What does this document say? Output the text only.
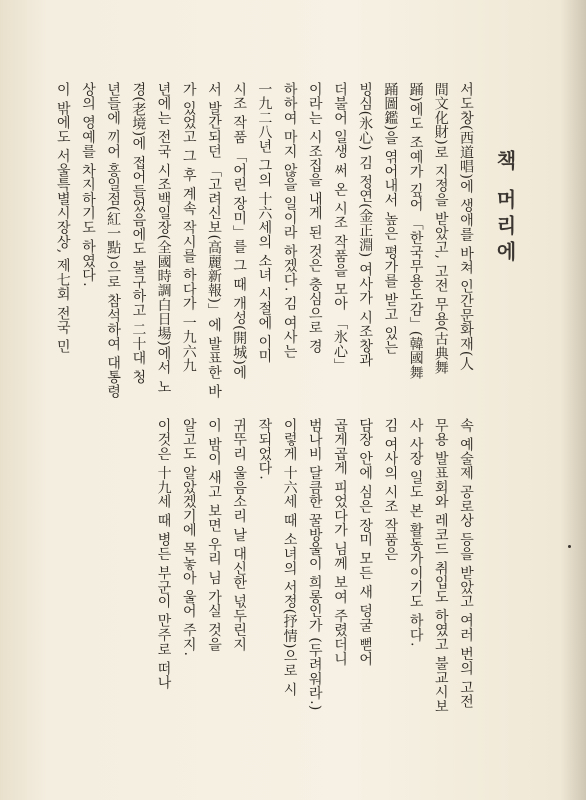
책 머리에
서도창(西道唱)에 생애를 바쳐 인간문화재(人
間文化財)로 지정을 받았고, 고전 무용(古典舞
踊)에도 조예가 깊어 「한국무용도감」(韓國舞
踊圖鑑)을 엮어내서 높은 평가를 받고 있는
빙심(氷心) 김 정연(金正淵) 여사가 시조창과
더불어 일생 써 온 시조 작품을 모아 「氷心」
이라는 시조집을 내게 된 것은 충심으로 경
하하여 마지 않을 일이라 하겠다. 김 여사는
一九二八년 그의 十六세의 소녀 시절에 이미
시조 작품 「어린 장미」를 그 때 개성(開城)에
서 발간되던 「고려신보(高麗新報)」에 발표한 바
가 있었고 그 후 계속 작시를 하다가 一九六九
년에는 전국 시조백일장(全國時調白日場)에서 노
경(老境)에 접어들었음에도 불구하고 二十대 청
년들에 끼어 홍일점(紅一點)으로 참석하여 대통령
상의 영예를 차지하기도 하였다.
이 밖에도 서울특별시장상, 제七회 전국 민
속 예술제 공로상 등을 받았고 여러 번의 고전
무용 발표회와 레코드 취입도 하였고 불교시보
사 사장 일도 본 활동가이기도 하다.
김 여사의 시조 작품은
담장 안에 심은 장미 모든 새 덩굴 뻗어
곱게곱게 피었다가 님께 보여 주렸더니
범나비 달큼한 꿀방울이 희롱인가 (두려워라.)
이렇게 十六세 때 소녀의 서정(抒情)으로 시
작되었다.
귀뚜리 울음소리 날 대신한 넋두린지
이 밤이 새고 보면 우리 님 가실 것을
알고도 알았겠기에 목놓아 울어 주지.
이것은 十九세 때 병든 부군이 만주로 떠나
